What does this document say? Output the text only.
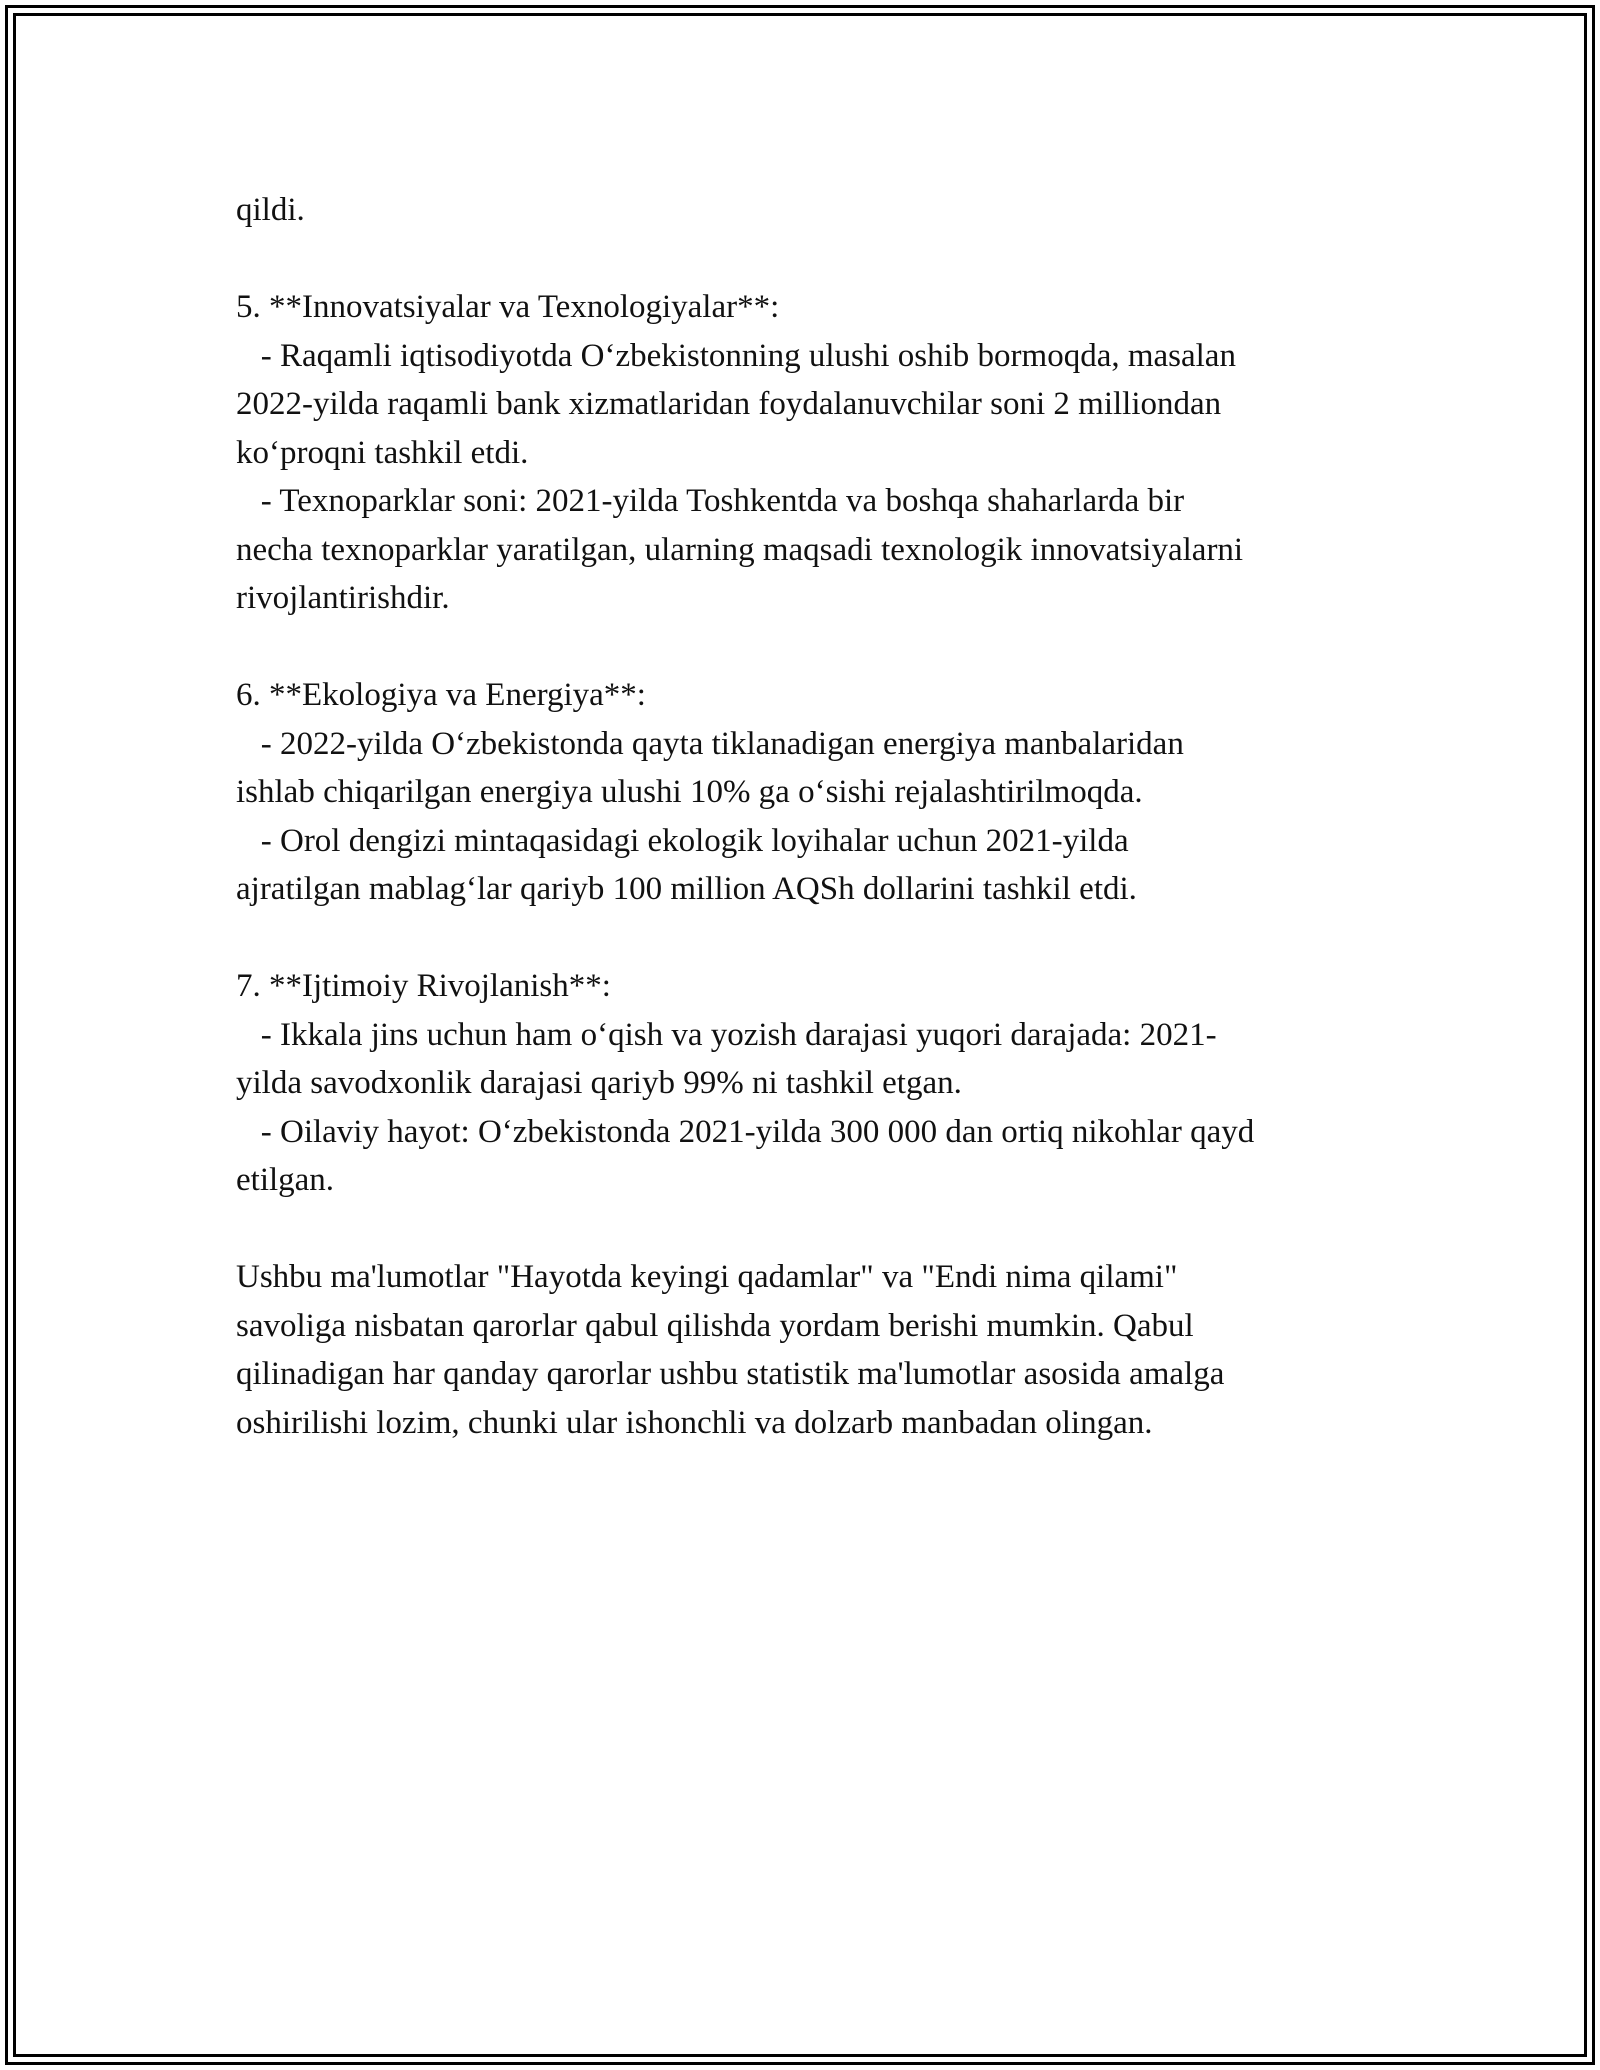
qildi.
5. **Innovatsiyalar va Texnologiyalar**:
- Raqamli iqtisodiyotda O‘zbekistonning ulushi oshib bormoqda, masalan
2022-yilda raqamli bank xizmatlaridan foydalanuvchilar soni 2 milliondan
ko‘proqni tashkil etdi.
- Texnoparklar soni: 2021-yilda Toshkentda va boshqa shaharlarda bir
necha texnoparklar yaratilgan, ularning maqsadi texnologik innovatsiyalarni
rivojlantirishdir.
6. **Ekologiya va Energiya**:
- 2022-yilda O‘zbekistonda qayta tiklanadigan energiya manbalaridan
ishlab chiqarilgan energiya ulushi 10% ga o‘sishi rejalashtirilmoqda.
- Orol dengizi mintaqasidagi ekologik loyihalar uchun 2021-yilda
ajratilgan mablag‘lar qariyb 100 million AQSh dollarini tashkil etdi.
7. **Ijtimoiy Rivojlanish**:
- Ikkala jins uchun ham o‘qish va yozish darajasi yuqori darajada: 2021-
yilda savodxonlik darajasi qariyb 99% ni tashkil etgan.
- Oilaviy hayot: O‘zbekistonda 2021-yilda 300 000 dan ortiq nikohlar qayd
etilgan.
Ushbu ma'lumotlar "Hayotda keyingi qadamlar" va "Endi nima qilami"
savoliga nisbatan qarorlar qabul qilishda yordam berishi mumkin. Qabul
qilinadigan har qanday qarorlar ushbu statistik ma'lumotlar asosida amalga
oshirilishi lozim, chunki ular ishonchli va dolzarb manbadan olingan.
